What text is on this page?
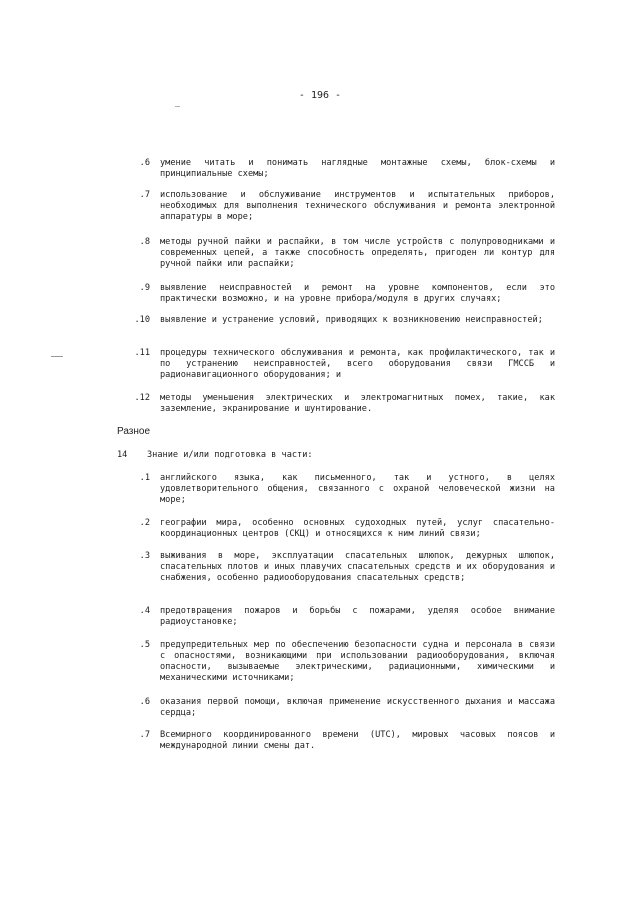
- 196 -
.6 умение читать и понимать наглядные монтажные схемы, блок-схемы и принципиальные схемы;
.7 использование и обслуживание инструментов и испытательных приборов, необходимых для выполнения технического обслуживания и ремонта электронной аппаратуры в море;
.8 методы ручной пайки и распайки, в том числе устройств с полупроводниками и современных цепей, а также способность определять, пригоден ли контур для ручной пайки или распайки;
.9 выявление неисправностей и ремонт на уровне компонентов, если это практически возможно, и на уровне прибора/модуля в других случаях;
.10 выявление и устранение условий, приводящих к возникновению неисправностей;
.11 процедуры технического обслуживания и ремонта, как профилактического, так и по устранению неисправностей, всего оборудования связи ГМССБ и радионавигационного оборудования; и
.12 методы уменьшения электрических и электромагнитных помех, такие, как заземление, экранирование и шунтирование.
Разное
14 Знание и/или подготовка в части:
.1 английского языка, как письменного, так и устного, в целях удовлетворительного общения, связанного с охраной человеческой жизни на море;
.2 географии мира, особенно основных судоходных путей, услуг спасательно-координационных центров (СКЦ) и относящихся к ним линий связи;
.3 выживания в море, эксплуатации спасательных шлюпок, дежурных шлюпок, спасательных плотов и иных плавучих спасательных средств и их оборудования и снабжения, особенно радиооборудования спасательных средств;
.4 предотвращения пожаров и борьбы с пожарами, уделяя особое внимание радиоустановке;
.5 предупредительных мер по обеспечению безопасности судна и персонала в связи с опасностями, возникающими при использовании радиооборудования, включая опасности, вызываемые электрическими, радиационными, химическими и механическими источниками;
.6 оказания первой помощи, включая применение искусственного дыхания и массажа сердца;
.7 Всемирного координированного времени (UTC), мировых часовых поясов и международной линии смены дат.
